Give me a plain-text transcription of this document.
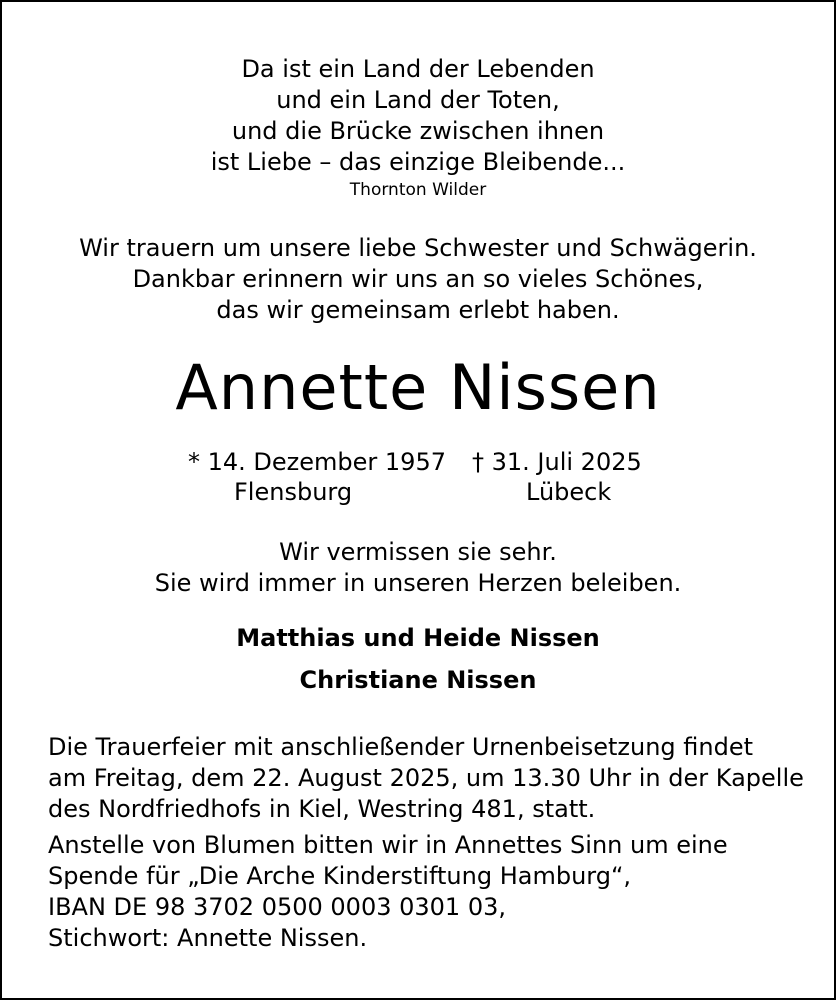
Da ist ein Land der Lebenden
und ein Land der Toten,
und die Brücke zwischen ihnen
ist Liebe – das einzige Bleibende...
Thornton Wilder
Wir trauern um unsere liebe Schwester und Schwägerin.
Dankbar erinnern wir uns an so vieles Schönes,
das wir gemeinsam erlebt haben.
Annette Nissen
* 14. Dezember 1957 † 31. Juli 2025
Flensburg	Lübeck
Wir vermissen sie sehr.
Sie wird immer in unseren Herzen beleiben.
Matthias und Heide Nissen
Christiane Nissen
Die Trauerfeier mit anschließender Urnenbeisetzung findet
am Freitag, dem 22. August 2025, um 13.30 Uhr in der Kapelle
des Nordfriedhofs in Kiel, Westring 481, statt.
Anstelle von Blumen bitten wir in Annettes Sinn um eine
Spende für „Die Arche Kinderstiftung Hamburg“,
IBAN DE 98 3702 0500 0003 0301 03,
Stichwort: Annette Nissen.
